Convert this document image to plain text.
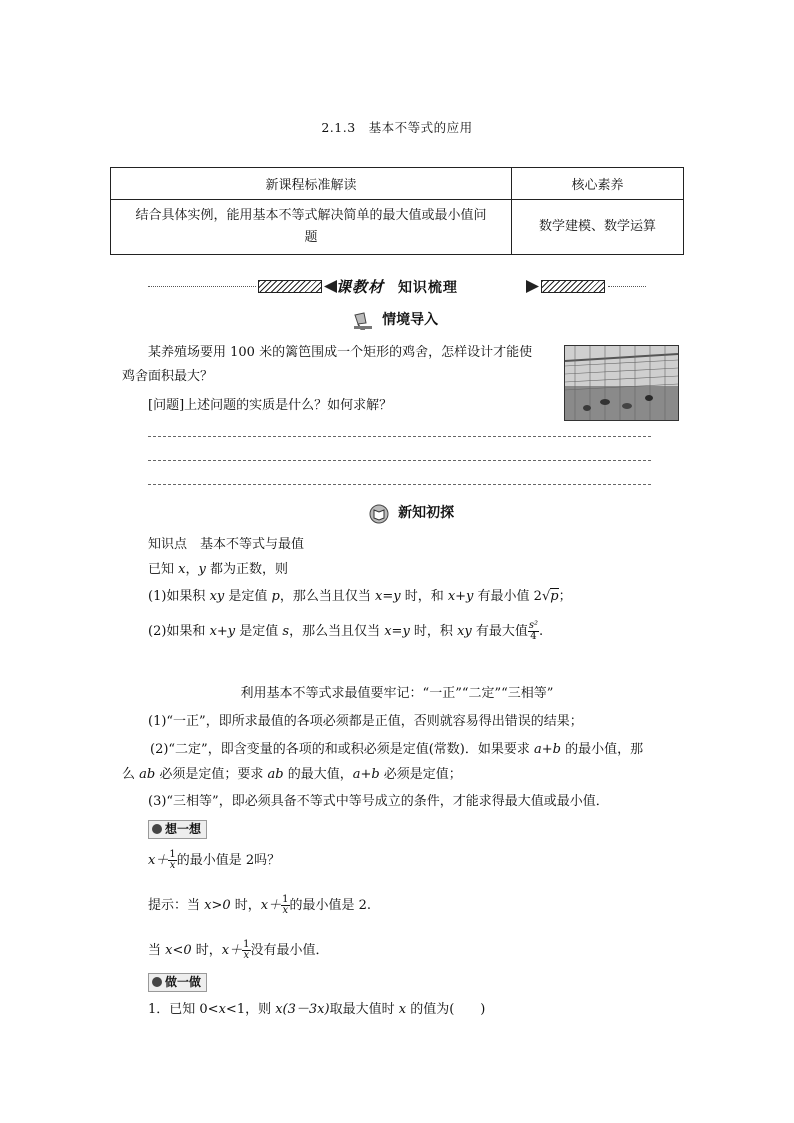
2.1.3　基本不等式的应用
新课程标准解读	核心素养
结合具体实例，能用基本不等式解决简单的最大值或最小值问
题	数学建模、数学运算
课教材 知识梳理
情境导入
某养殖场要用 100 米的篱笆围成一个矩形的鸡舍，怎样设计才能使
鸡舍面积最大？
[问题]上述问题的实质是什么？如何求解？
新知初探
知识点　基本不等式与最值
已知 x，y 都为正数，则
(1)如果积 xy 是定值 p，那么当且仅当 x=y 时，和 x+y 有最小值 2√p；
(2)如果和 x+y 是定值 s，那么当且仅当 x=y 时，积 xy 有最大值 $\frac{\text{s²}}{4}$ .
利用基本不等式求最值要牢记：“一正”“二定”“三相等”
(1)“一正”，即所求最值的各项必须都是正值，否则就容易得出错误的结果；
(2)“二定”，即含变量的各项的和或积必须是定值(常数)．如果要求 a+b 的最小值，那
么 ab 必须是定值；要求 ab 的最大值，a+b 必须是定值；
(3)“三相等”，即必须具备不等式中等号成立的条件，才能求得最大值或最小值．
想一想
$x+ \frac{1}{x}$ 的最小值是 2吗？
提示：当 x>0 时，$x+ \frac{1}{x}$ 的最小值是 2.
当 x<0 时，$x+ \frac{1}{x}$ 没有最小值．
做一做
1．已知 0<x<1，则 x(3－3x)取最大值时 x 的值为(　　)
